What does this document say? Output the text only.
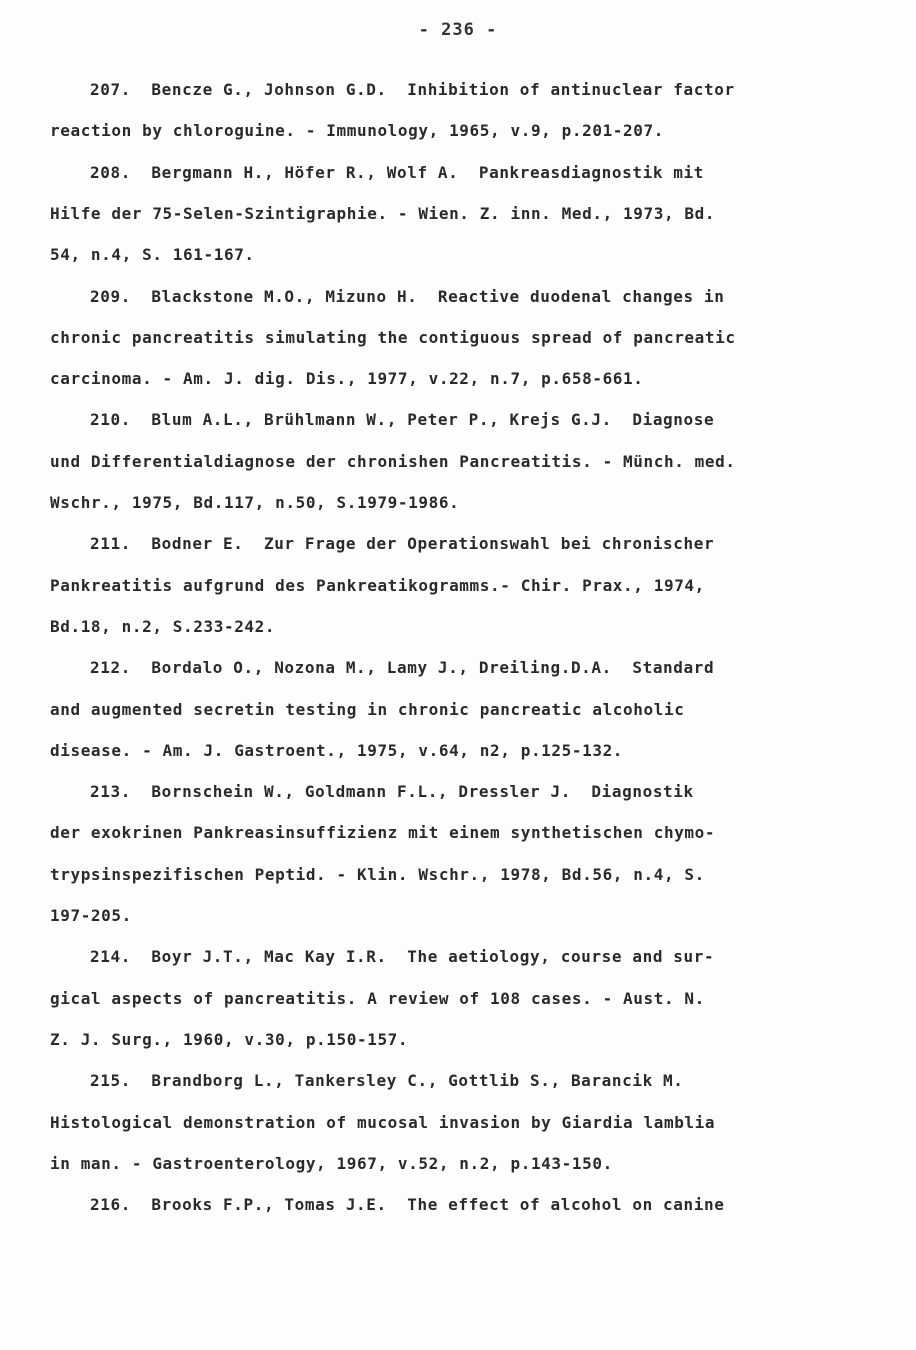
- 236 -
207. Bencze G., Johnson G.D.  Inhibition of antinuclear factor
reaction by chloroguine. - Immunology, 1965, v.9, p.201-207.
208. Bergmann H., Höfer R., Wolf A.  Pankreasdiagnostik mit
Hilfe der 75-Selen-Szintigraphie. - Wien. Z. inn. Med., 1973, Bd.
54, n.4, S. 161-167.
209. Blackstone M.O., Mizuno H.  Reactive duodenal changes in
chronic pancreatitis simulating the contiguous spread of pancreatic
carcinoma. - Am. J. dig. Dis., 1977, v.22, n.7, p.658-661.
210. Blum A.L., Brühlmann W., Peter P., Krejs G.J.  Diagnose
und Differentialdiagnose der chronishen Pancreatitis. - Münch. med.
Wschr., 1975, Bd.117, n.50, S.1979-1986.
211. Bodner E.  Zur Frage der Operationswahl bei chronischer
Pankreatitis aufgrund des Pankreatikogramms.- Chir. Prax., 1974,
Bd.18, n.2, S.233-242.
212. Bordalo O., Nozona M., Lamy J., Dreiling.D.A.  Standard
and augmented secretin testing in chronic pancreatic alcoholic
disease. - Am. J. Gastroent., 1975, v.64, n2, p.125-132.
213. Bornschein W., Goldmann F.L., Dressler J.  Diagnostik
der exokrinen Pankreasinsuffizienz mit einem synthetischen chymo-
trypsinspezifischen Peptid. - Klin. Wschr., 1978, Bd.56, n.4, S.
197-205.
214. Boyr J.T., Mac Kay I.R.  The aetiology, course and sur-
gical aspects of pancreatitis. A review of 108 cases. - Aust. N.
Z. J. Surg., 1960, v.30, p.150-157.
215. Brandborg L., Tankersley C., Gottlib S., Barancik M.
Histological demonstration of mucosal invasion by Giardia lamblia
in man. - Gastroenterology, 1967, v.52, n.2, p.143-150.
216. Brooks F.P., Tomas J.E.  The effect of alcohol on canine
